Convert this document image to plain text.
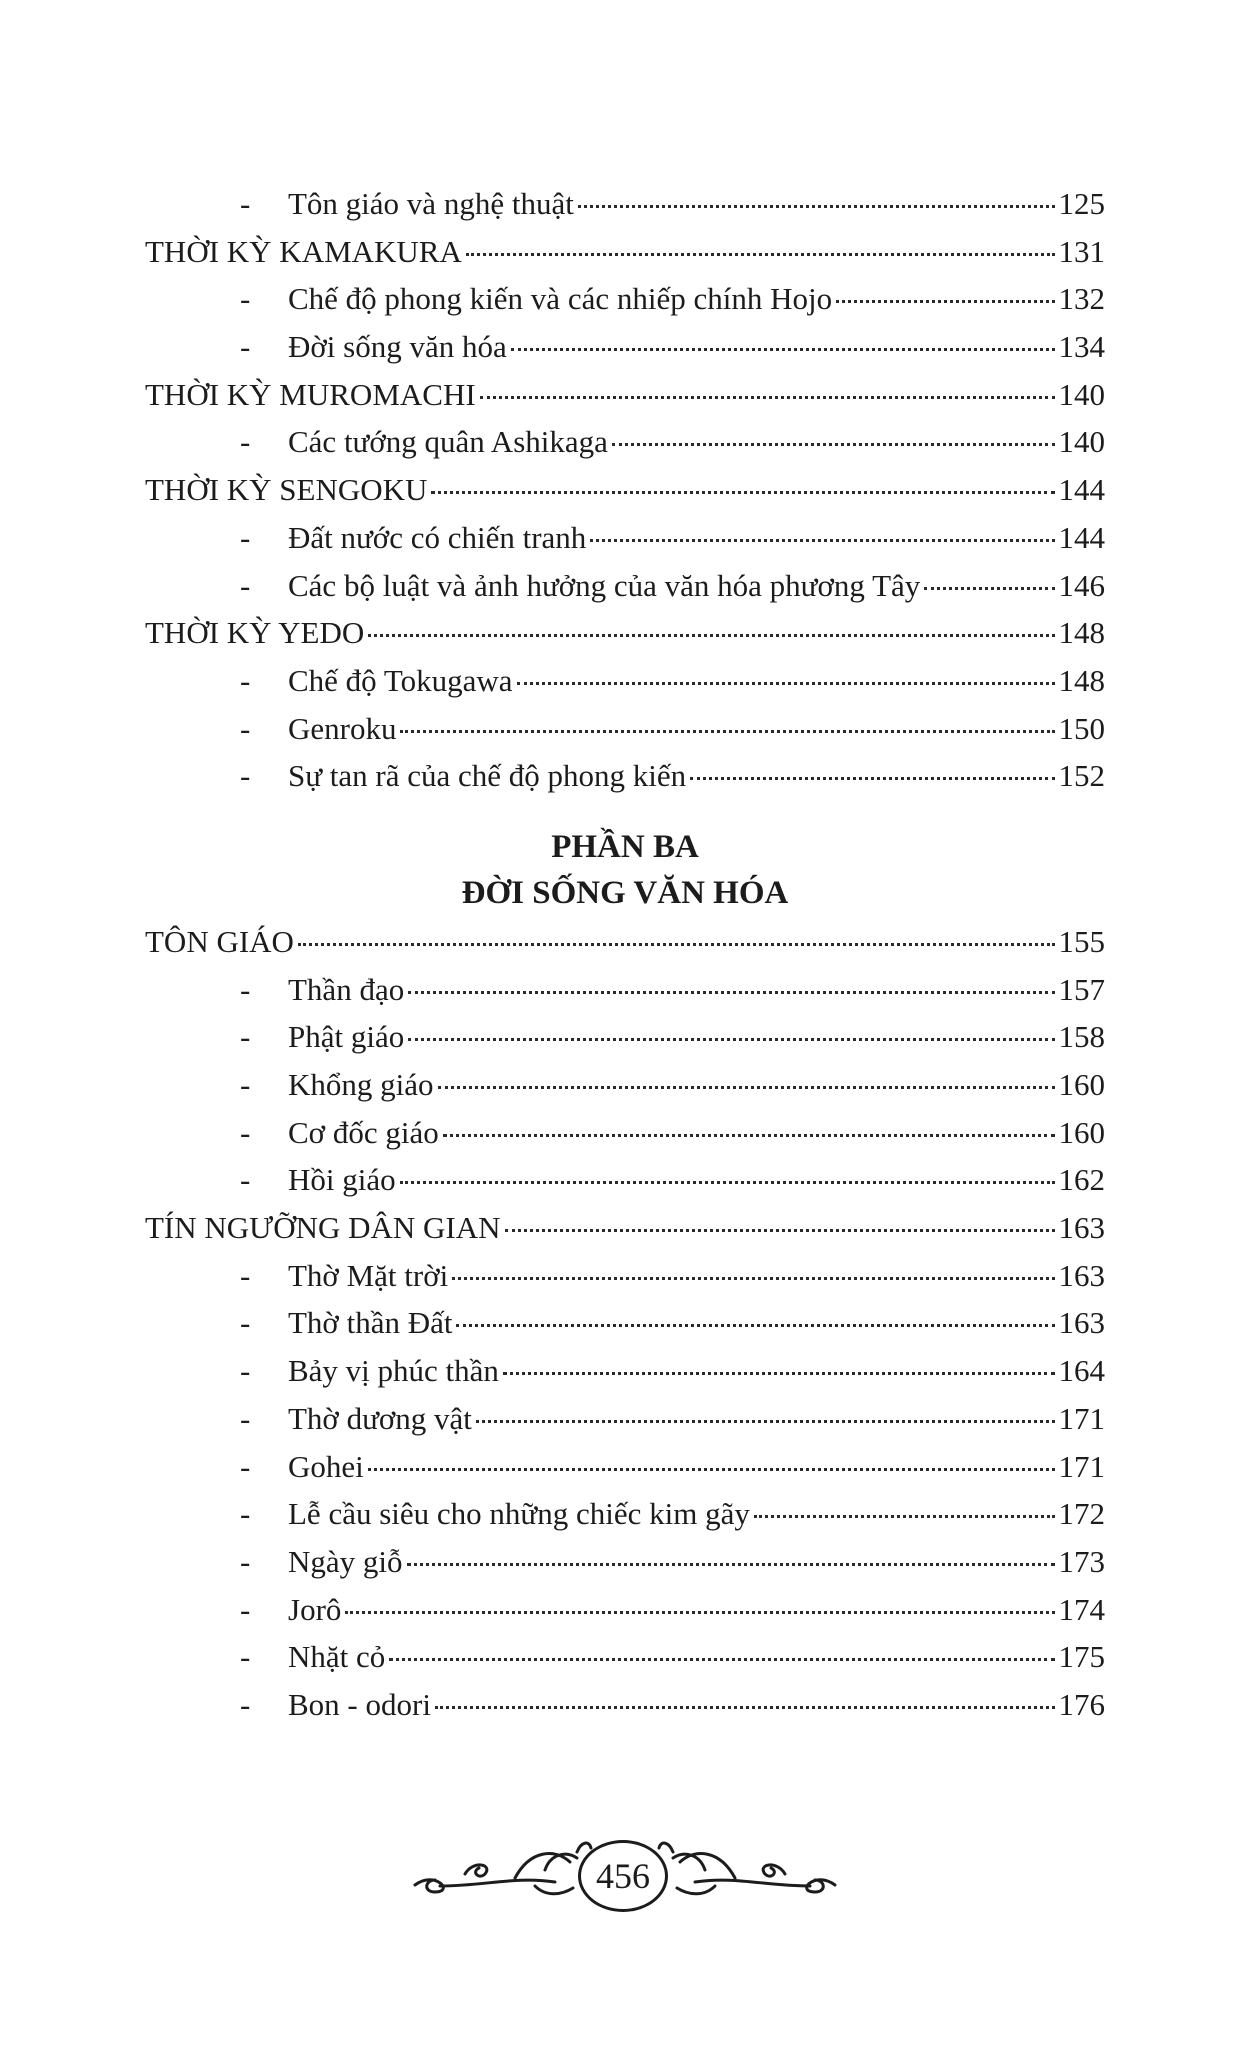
-	Tôn giáo và nghệ thuật	125
THỜI KỲ KAMAKURA	131
-	Chế độ phong kiến và các nhiếp chính Hojo	132
-	Đời sống văn hóa	134
THỜI KỲ MUROMACHI	140
-	Các tướng quân Ashikaga	140
THỜI KỲ SENGOKU	144
-	Đất nước có chiến tranh	144
-	Các bộ luật và ảnh hưởng của văn hóa phương Tây	146
THỜI KỲ YEDO	148
-	Chế độ Tokugawa	148
-	Genroku	150
-	Sự tan rã của chế độ phong kiến	152
PHẦN BA
ĐỜI SỐNG VĂN HÓA
TÔN GIÁO	155
-	Thần đạo	157
-	Phật giáo	158
-	Khổng giáo	160
-	Cơ đốc giáo	160
-	Hồi giáo	162
TÍN NGƯỠNG DÂN GIAN	163
-	Thờ Mặt trời	163
-	Thờ thần Đất	163
-	Bảy vị phúc thần	164
-	Thờ dương vật	171
-	Gohei	171
-	Lễ cầu siêu cho những chiếc kim gãy	172
-	Ngày giỗ	173
-	Jorô	174
-	Nhặt cỏ	175
-	Bon - odori	176
456
